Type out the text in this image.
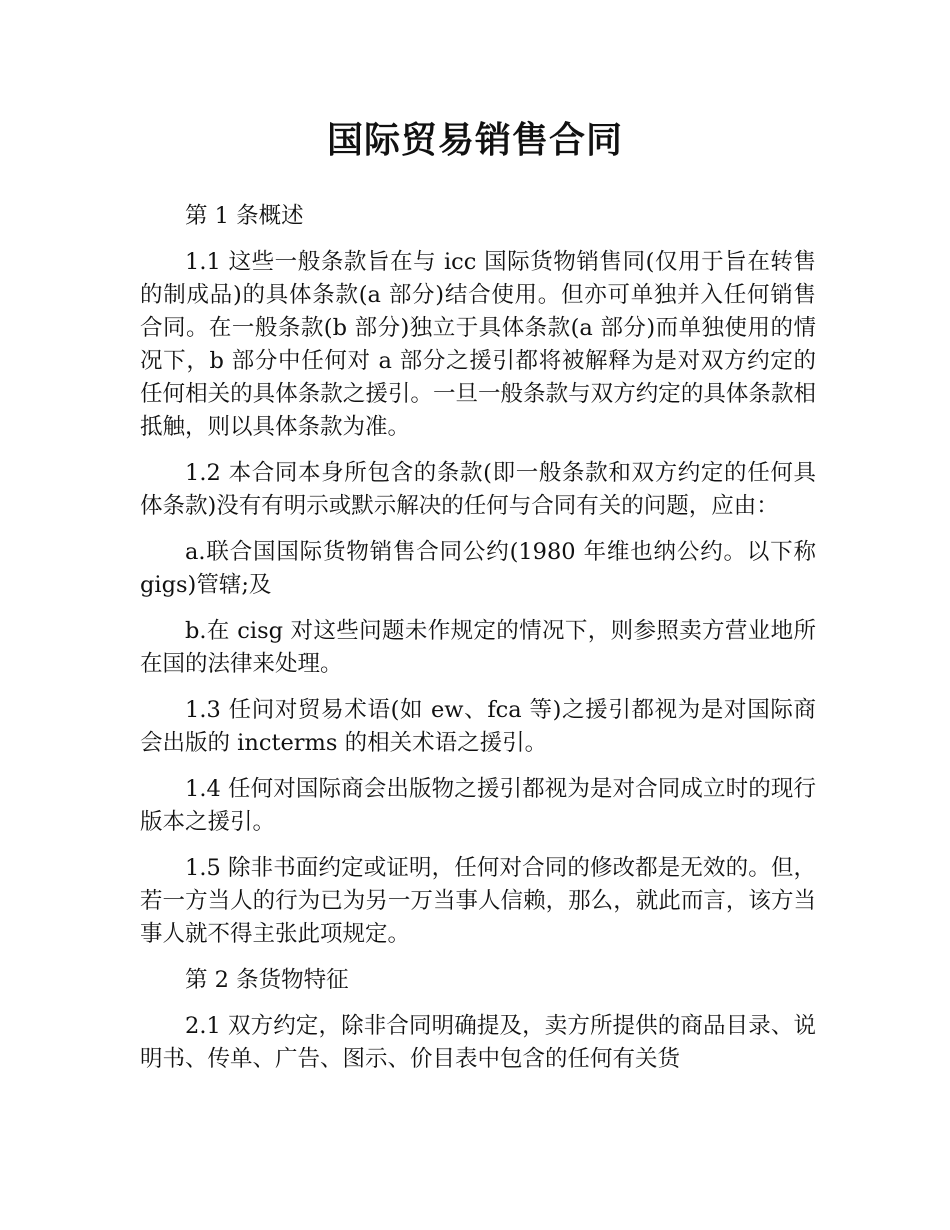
国际贸易销售合同

第 1 条概述

1.1 这些一般条款旨在与 icc 国际货物销售同(仅用于旨在转售的制成品)的具体条款(a 部分)结合使用。但亦可单独并入任何销售合同。在一般条款(b 部分)独立于具体条款(a 部分)而单独使用的情况下，b 部分中任何对 a 部分之援引都将被解释为是对双方约定的任何相关的具体条款之援引。一旦一般条款与双方约定的具体条款相抵触，则以具体条款为准。

1.2 本合同本身所包含的条款(即一般条款和双方约定的任何具体条款)没有有明示或默示解决的任何与合同有关的问题，应由：

a.联合国国际货物销售合同公约(1980 年维也纳公约。以下称 gigs)管辖;及

b.在 cisg 对这些问题未作规定的情况下，则参照卖方营业地所在国的法律来处理。

1.3 任问对贸易术语(如 ew、fca 等)之援引都视为是对国际商会出版的 incterms 的相关术语之援引。

1.4 任何对国际商会出版物之援引都视为是对合同成立时的现行版本之援引。

1.5 除非书面约定或证明，任何对合同的修改都是无效的。但，若一方当人的行为已为另一万当事人信赖，那么，就此而言，该方当事人就不得主张此项规定。

第 2 条货物特征

2.1 双方约定，除非合同明确提及，卖方所提供的商品目录、说明书、传单、广告、图示、价目表中包含的任何有关货
